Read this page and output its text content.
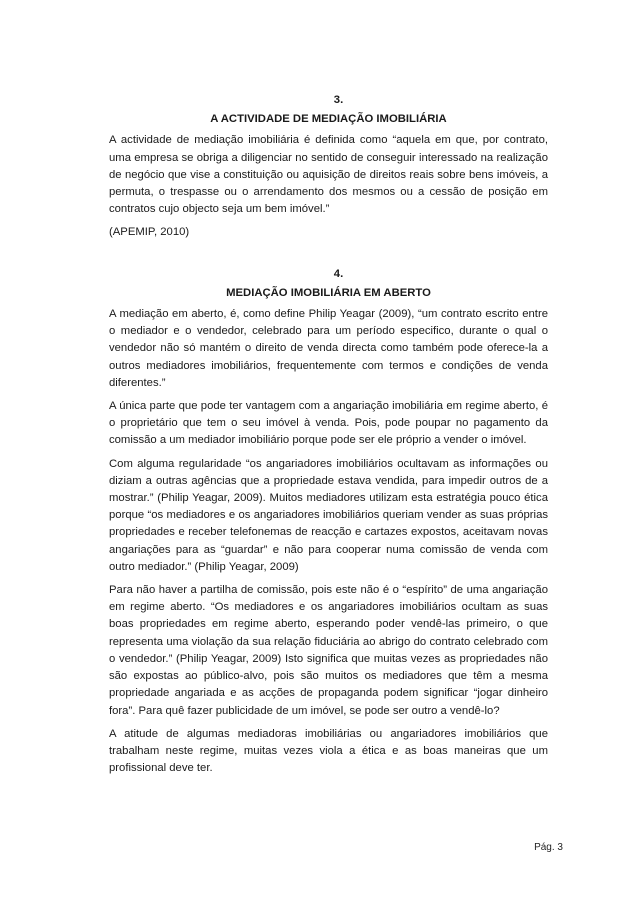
3.
A ACTIVIDADE DE MEDIAÇÃO IMOBILIÁRIA

A actividade de mediação imobiliária é definida como “aquela em que, por contrato, uma empresa se obriga a diligenciar no sentido de conseguir interessado na realização de negócio que vise a constituição ou aquisição de direitos reais sobre bens imóveis, a permuta, o trespasse ou o arrendamento dos mesmos ou a cessão de posição em contratos cujo objecto seja um bem imóvel.”

(APEMIP, 2010)

4.
MEDIAÇÃO IMOBILIÁRIA EM ABERTO

A mediação em aberto, é, como define Philip Yeagar (2009), “um contrato escrito entre o mediador e o vendedor, celebrado para um período especifico, durante o qual o vendedor não só mantém o direito de venda directa como também pode oferece-la a outros mediadores imobiliários, frequentemente com termos e condições de venda diferentes.”

A única parte que pode ter vantagem com a angariação imobiliária em regime aberto, é o proprietário que tem o seu imóvel à venda. Pois, pode poupar no pagamento da comissão a um mediador imobiliário porque pode ser ele próprio a vender o imóvel.

Com alguma regularidade “os angariadores imobiliários ocultavam as informações ou diziam a outras agências que a propriedade estava vendida, para impedir outros de a mostrar.” (Philip Yeagar, 2009). Muitos mediadores utilizam esta estratégia pouco ética porque “os mediadores e os angariadores imobiliários queriam vender as suas próprias propriedades e receber telefonemas de reacção e cartazes expostos, aceitavam novas angariações para as “guardar” e não para cooperar numa comissão de venda com outro mediador.” (Philip Yeagar, 2009)

Para não haver a partilha de comissão, pois este não é o “espírito” de uma angariação em regime aberto. “Os mediadores e os angariadores imobiliários ocultam as suas boas propriedades em regime aberto, esperando poder vendê-las primeiro, o que representa uma violação da sua relação fiduciária ao abrigo do contrato celebrado com o vendedor.” (Philip Yeagar, 2009) Isto significa que muitas vezes as propriedades não são expostas ao público-alvo, pois são muitos os mediadores que têm a mesma propriedade angariada e as acções de propaganda podem significar “jogar dinheiro fora”. Para quê fazer publicidade de um imóvel, se pode ser outro a vendê-lo?

A atitude de algumas mediadoras imobiliárias ou angariadores imobiliários que trabalham neste regime, muitas vezes viola a ética e as boas maneiras que um profissional deve ter.

Pág. 3
